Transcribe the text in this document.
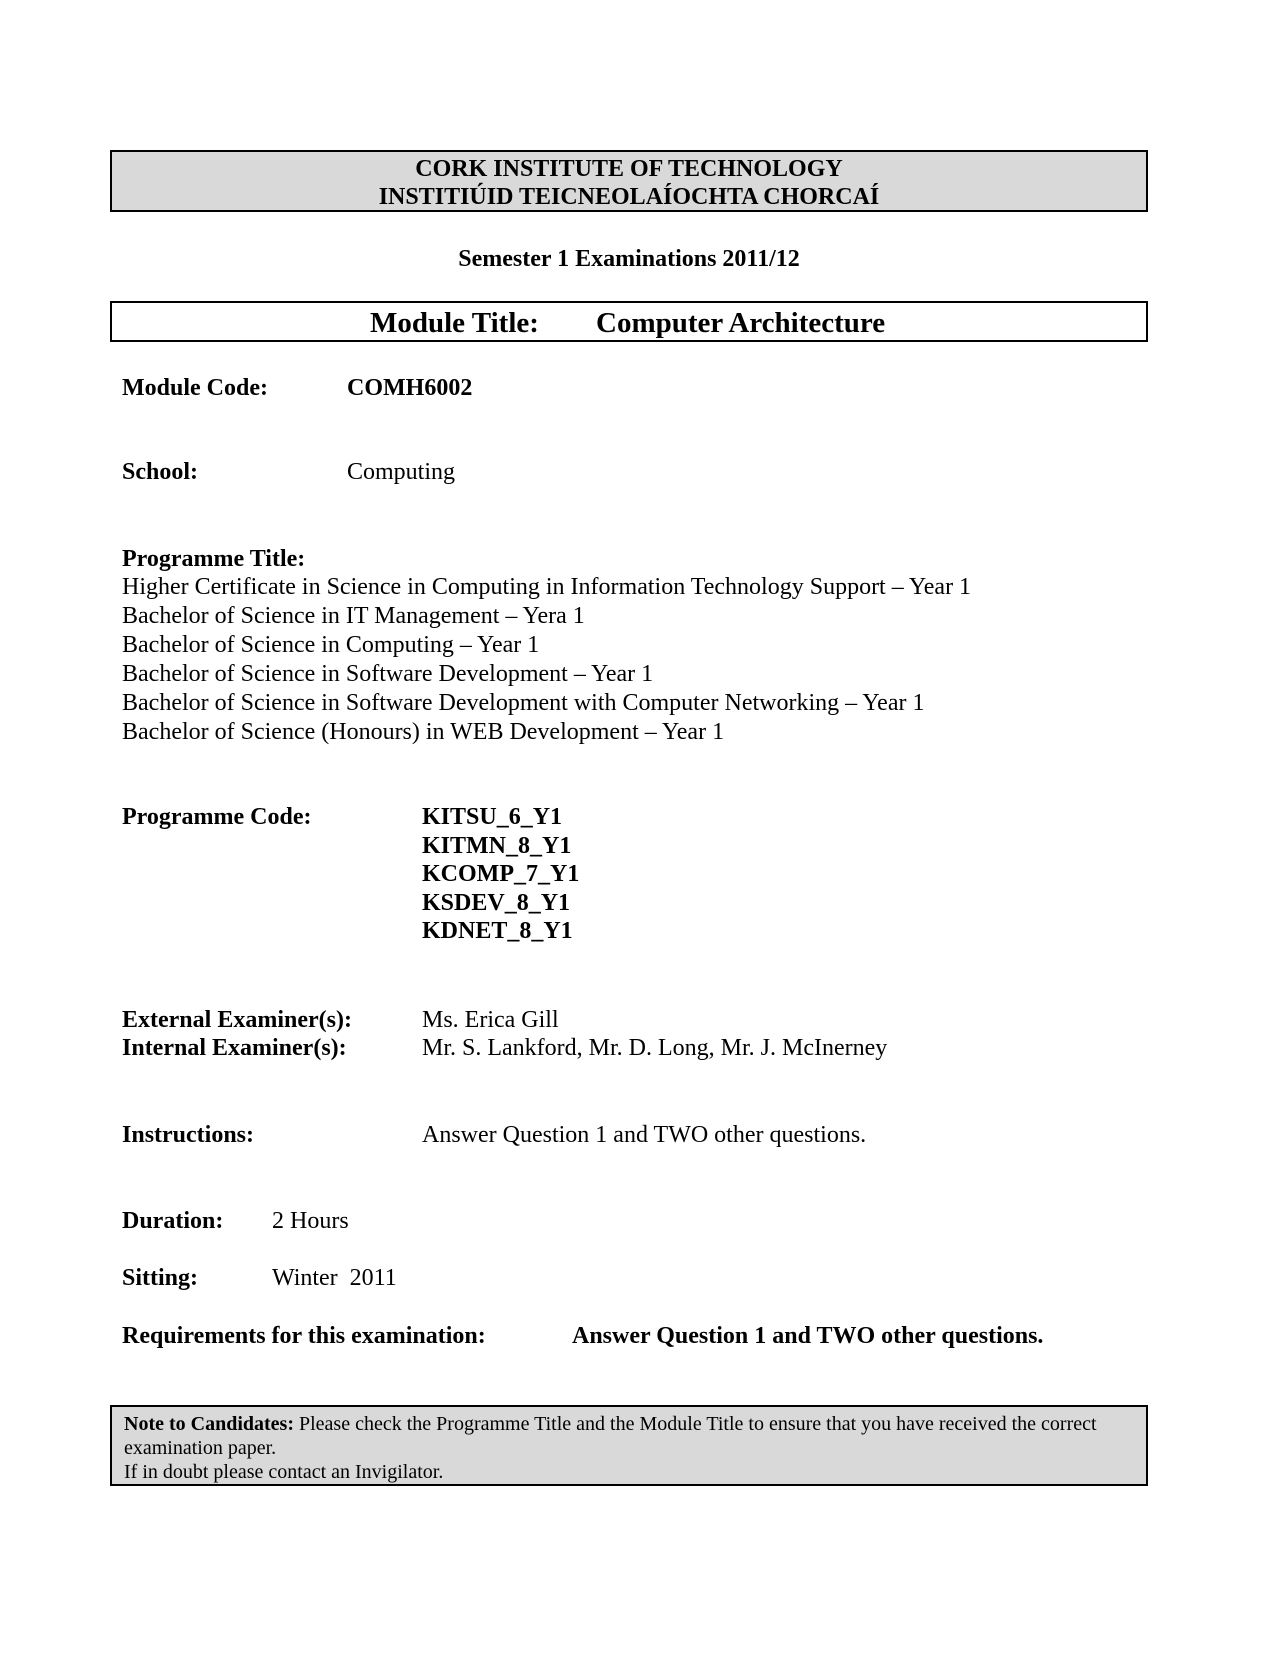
CORK INSTITUTE OF TECHNOLOGY
INSTITIÚID TEICNEOLAÍOCHTA CHORCAÍ
Semester 1 Examinations 2011/12
Module Title: Computer Architecture
Module Code:	COMH6002
School:	Computing
Programme Title:
Higher Certificate in Science in Computing in Information Technology Support – Year 1
Bachelor of Science in IT Management – Yera 1
Bachelor of Science in Computing – Year 1
Bachelor of Science in Software Development – Year 1
Bachelor of Science in Software Development with Computer Networking – Year 1
Bachelor of Science (Honours) in WEB Development – Year 1
Programme Code:	KITSU_6_Y1
KITMN_8_Y1
KCOMP_7_Y1
KSDEV_8_Y1
KDNET_8_Y1
External Examiner(s):	Ms. Erica Gill
Internal Examiner(s):	Mr. S. Lankford, Mr. D. Long, Mr. J. McInerney
Instructions:	Answer Question 1 and TWO other questions.
Duration: 2 Hours
Sitting:	Winter  2011
Requirements for this examination:	Answer Question 1 and TWO other questions.
Note to Candidates: Please check the Programme Title and the Module Title to ensure that you have received the correct examination paper.
If in doubt please contact an Invigilator.
